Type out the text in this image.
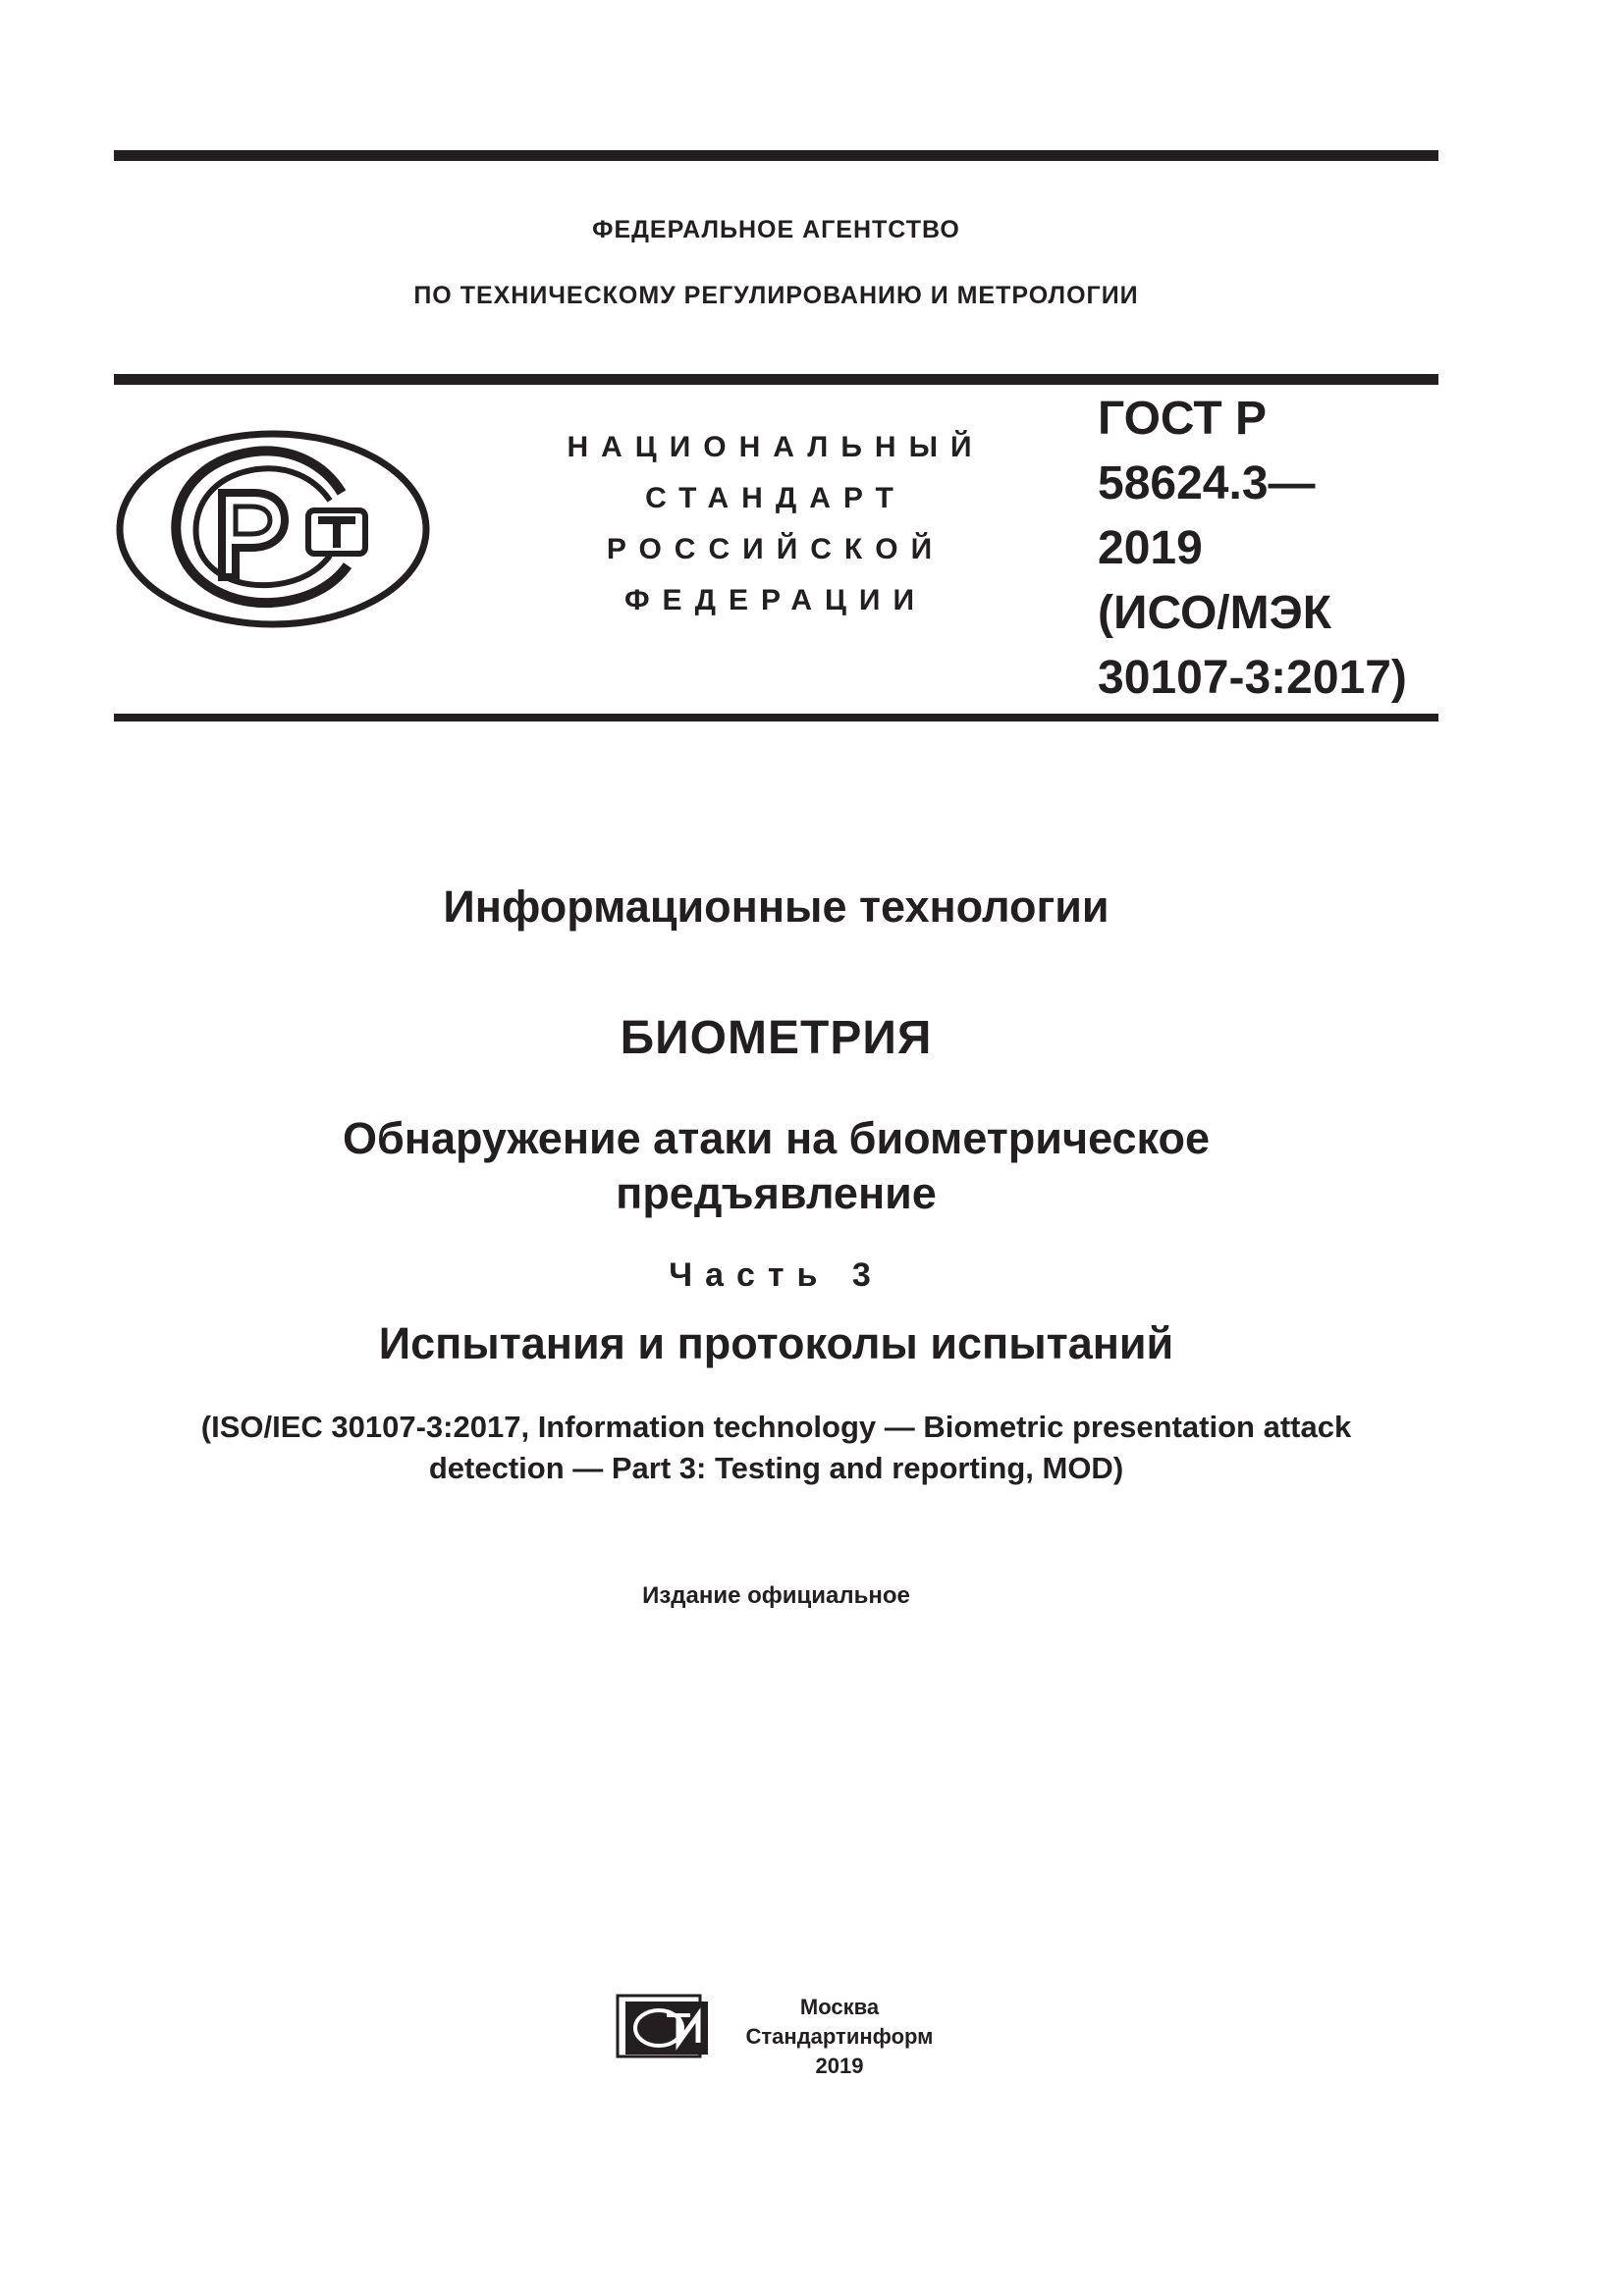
ФЕДЕРАЛЬНОЕ АГЕНТСТВО
ПО ТЕХНИЧЕСКОМУ РЕГУЛИРОВАНИЮ И МЕТРОЛОГИИ
НАЦИОНАЛЬНЫЙ
СТАНДАРТ
РОССИЙСКОЙ
ФЕДЕРАЦИИ
ГОСТ Р
58624.3—
2019
(ИСО/МЭК
30107-3:2017)
Информационные технологии
БИОМЕТРИЯ
Обнаружение атаки на биометрическое
предъявление
Часть 3
Испытания и протоколы испытаний
(ISO/IEC 30107-3:2017, Information technology — Biometric presentation attack
detection — Part 3: Testing and reporting, MOD)
Издание официальное
Москва
Стандартинформ
2019
